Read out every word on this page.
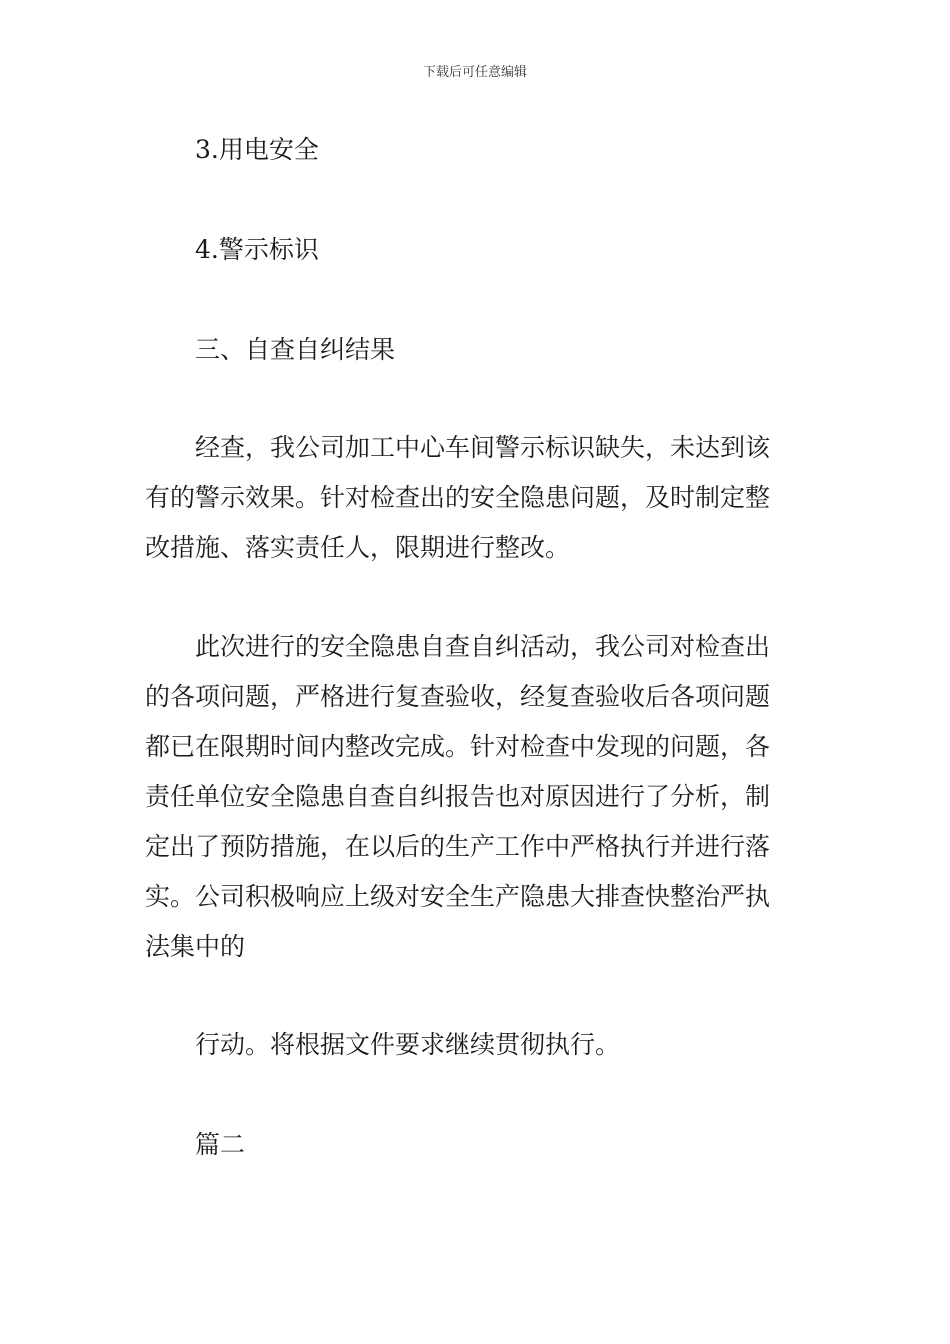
下载后可任意编辑

3.用电安全

4.警示标识

三、自查自纠结果

经查，我公司加工中心车间警示标识缺失，未达到该
有的警示效果。针对检查出的安全隐患问题，及时制定整
改措施、落实责任人，限期进行整改。

此次进行的安全隐患自查自纠活动，我公司对检查出
的各项问题，严格进行复查验收，经复查验收后各项问题
都已在限期时间内整改完成。针对检查中发现的问题，各
责任单位安全隐患自查自纠报告也对原因进行了分析，制
定出了预防措施，在以后的生产工作中严格执行并进行落
实。公司积极响应上级对安全生产隐患大排查快整治严执
法集中的

行动。将根据文件要求继续贯彻执行。

篇二
